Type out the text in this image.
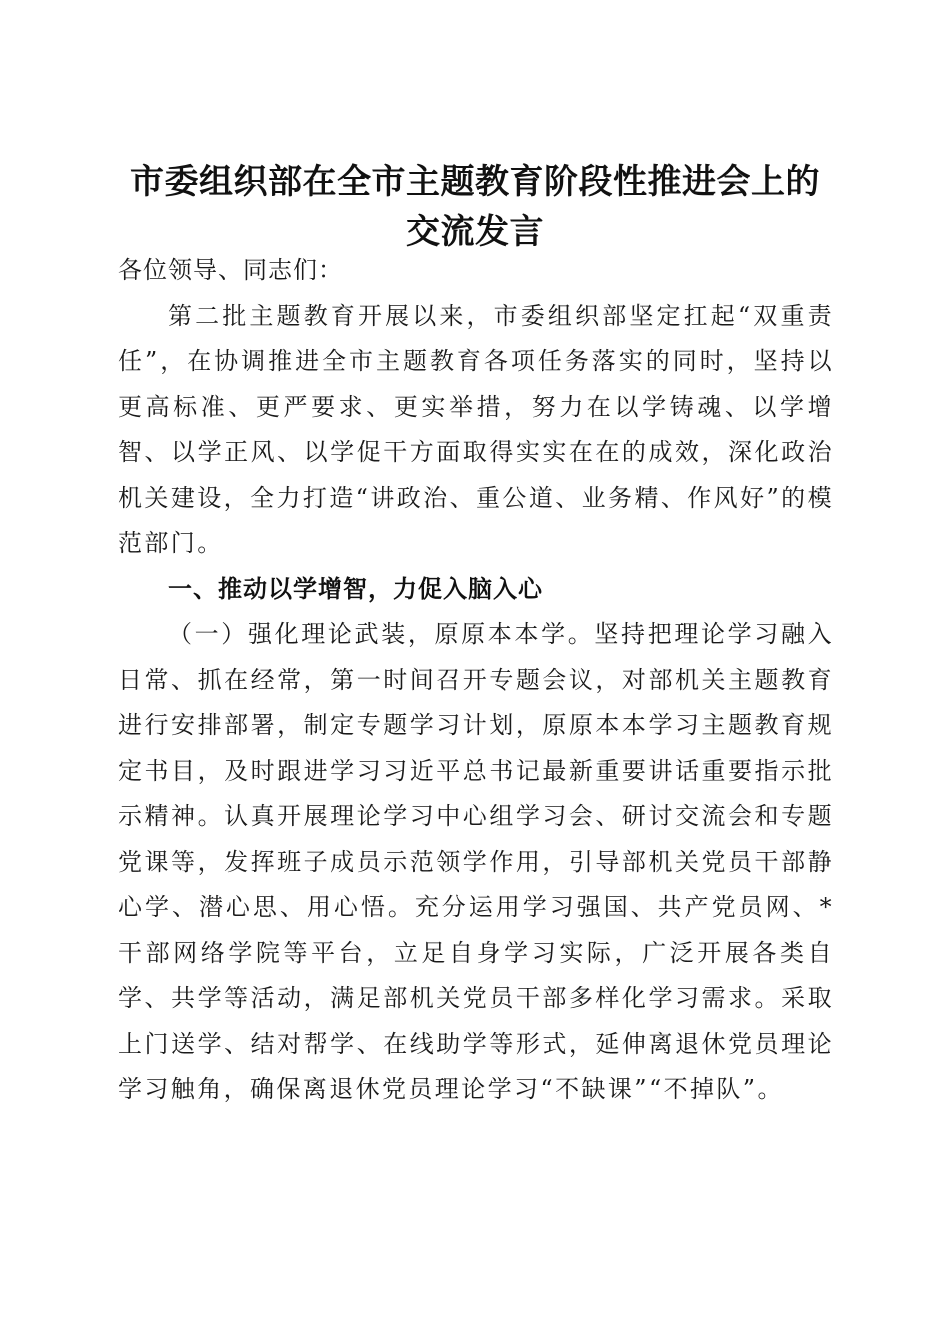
市委组织部在全市主题教育阶段性推进会上的
交流发言

各位领导、同志们：

第二批主题教育开展以来，市委组织部坚定扛起“双重责任”，在协调推进全市主题教育各项任务落实的同时，坚持以更高标准、更严要求、更实举措，努力在以学铸魂、以学增智、以学正风、以学促干方面取得实实在在的成效，深化政治机关建设，全力打造“讲政治、重公道、业务精、作风好”的模范部门。

一、推动以学增智，力促入脑入心

（一）强化理论武装，原原本本学。坚持把理论学习融入日常、抓在经常，第一时间召开专题会议，对部机关主题教育进行安排部署，制定专题学习计划，原原本本学习主题教育规定书目，及时跟进学习习近平总书记最新重要讲话重要指示批示精神。认真开展理论学习中心组学习会、研讨交流会和专题党课等，发挥班子成员示范领学作用，引导部机关党员干部静心学、潜心思、用心悟。充分运用学习强国、共产党员网、*干部网络学院等平台，立足自身学习实际，广泛开展各类自学、共学等活动，满足部机关党员干部多样化学习需求。采取上门送学、结对帮学、在线助学等形式，延伸离退休党员理论学习触角，确保离退休党员理论学习“不缺课”“不掉队”。
